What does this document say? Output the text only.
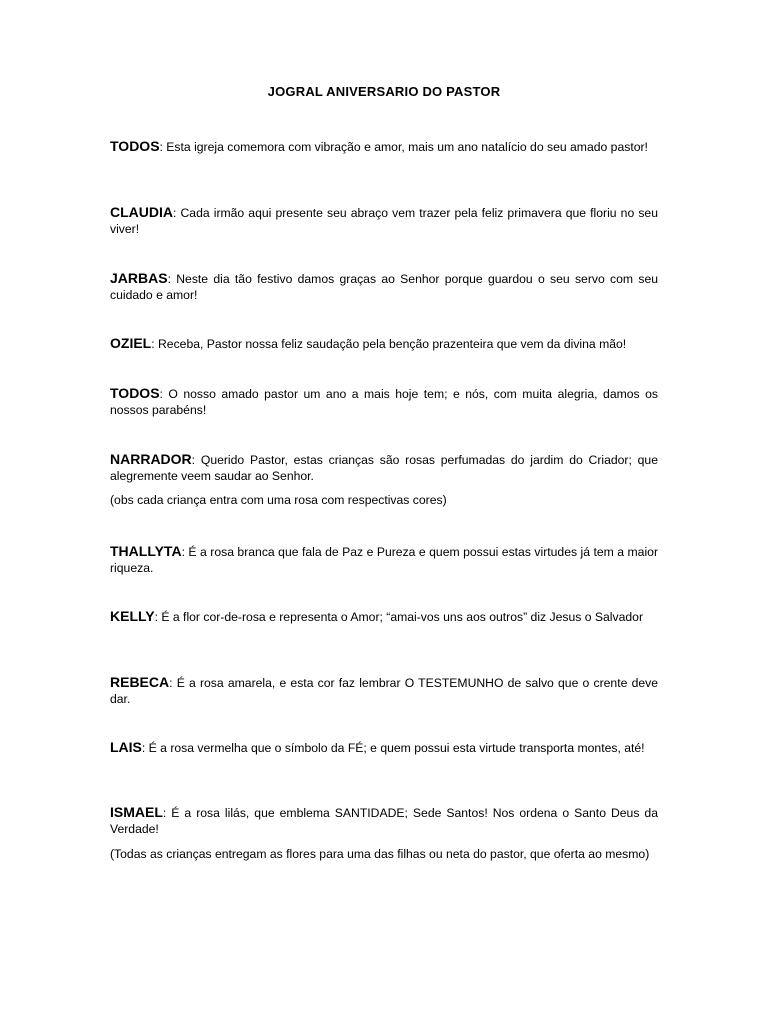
JOGRAL ANIVERSARIO DO PASTOR

TODOS: Esta igreja comemora com vibração e amor, mais um ano natalício do seu amado pastor!

CLAUDIA: Cada irmão aqui presente seu abraço vem trazer pela feliz primavera que floriu no seu viver!

JARBAS: Neste dia tão festivo damos graças ao Senhor porque guardou o seu servo com seu cuidado e amor!

OZIEL: Receba, Pastor nossa feliz saudação pela benção prazenteira que vem da divina mão!

TODOS: O nosso amado pastor um ano a mais hoje tem; e nós, com muita alegria, damos os nossos parabéns!

NARRADOR: Querido Pastor, estas crianças são rosas perfumadas do jardim do Criador; que alegremente veem saudar ao Senhor.

(obs cada criança entra com uma rosa com respectivas cores)

THALLYTA: É a rosa branca que fala de Paz e Pureza e quem possui estas virtudes já tem a maior riqueza.

KELLY: É a flor cor-de-rosa e representa o Amor; “amai-vos uns aos outros” diz Jesus o Salvador

REBECA: É a rosa amarela, e esta cor faz lembrar O TESTEMUNHO de salvo que o crente deve dar.

LAIS: É a rosa vermelha que o símbolo da FÉ; e quem possui esta virtude transporta montes, até!

ISMAEL: É a rosa lilás, que emblema SANTIDADE; Sede Santos! Nos ordena o Santo Deus da Verdade!

(Todas as crianças entregam as flores para uma das filhas ou neta do pastor, que oferta ao mesmo)
